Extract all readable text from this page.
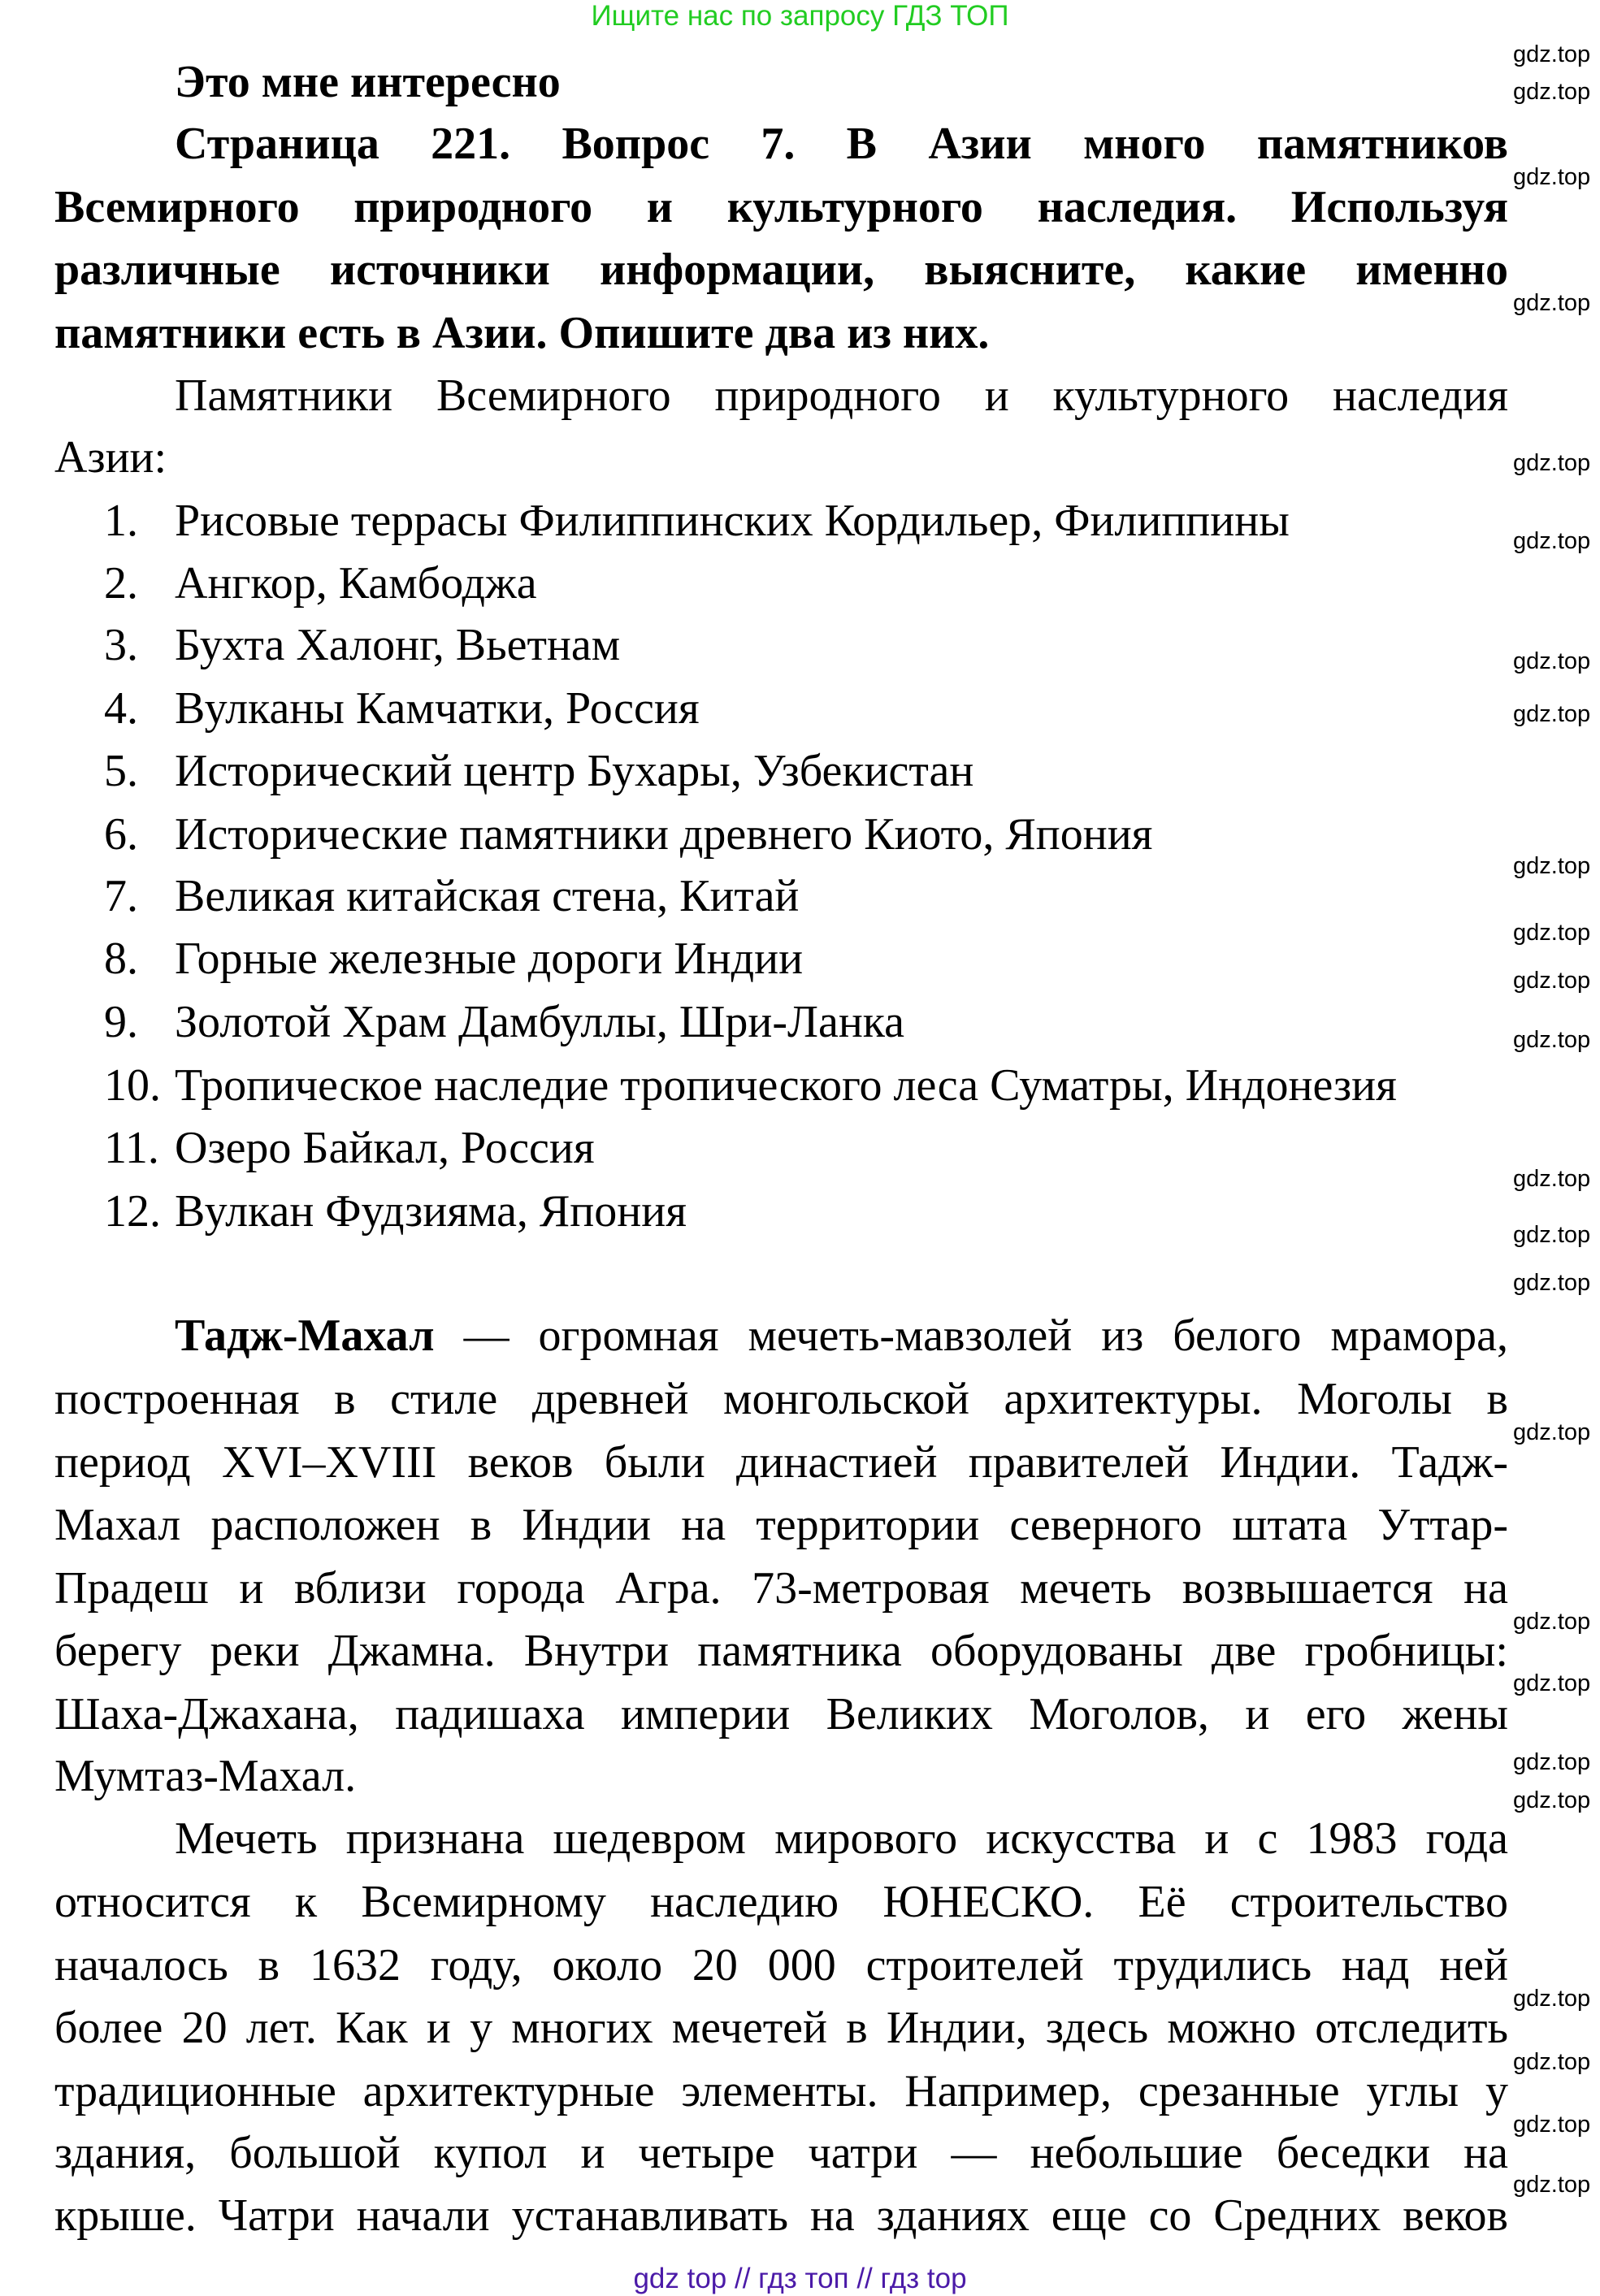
Ищите нас по запросу ГДЗ ТОП
Это мне интересно
Страница 221. Вопрос 7. В Азии много памятников
Всемирного природного и культурного наследия. Используя
различные источники информации, выясните, какие именно
памятники есть в Азии. Опишите два из них.
Памятники Всемирного природного и культурного наследия
Азии:
1. Рисовые террасы Филиппинских Кордильер, Филиппины
2. Ангкор, Камбоджа
3. Бухта Халонг, Вьетнам
4. Вулканы Камчатки, Россия
5. Исторический центр Бухары, Узбекистан
6. Исторические памятники древнего Киото, Япония
7. Великая китайская стена, Китай
8. Горные железные дороги Индии
9. Золотой Храм Дамбуллы, Шри-Ланка
10. Тропическое наследие тропического леса Суматры, Индонезия
11. Озеро Байкал, Россия
12. Вулкан Фудзияма, Япония
Тадж-Махал — огромная мечеть-мавзолей из белого мрамора,
построенная в стиле древней монгольской архитектуры. Моголы в
период XVI–XVIII веков были династией правителей Индии. Тадж-
Махал расположен в Индии на территории северного штата Уттар-
Прадеш и вблизи города Агра. 73-метровая мечеть возвышается на
берегу реки Джамна. Внутри памятника оборудованы две гробницы:
Шаха-Джахана, падишаха империи Великих Моголов, и его жены
Мумтаз-Махал.
Мечеть признана шедевром мирового искусства и с 1983 года
относится к Всемирному наследию ЮНЕСКО. Её строительство
началось в 1632 году, около 20 000 строителей трудились над ней
более 20 лет. Как и у многих мечетей в Индии, здесь можно отследить
традиционные архитектурные элементы. Например, срезанные углы у
здания, большой купол и четыре чатри — небольшие беседки на
крыше. Чатри начали устанавливать на зданиях еще со Средних веков
gdz top // гдз топ // гдз top
gdz.top
gdz.top
gdz.top
gdz.top
gdz.top
gdz.top
gdz.top
gdz.top
gdz.top
gdz.top
gdz.top
gdz.top
gdz.top
gdz.top
gdz.top
gdz.top
gdz.top
gdz.top
gdz.top
gdz.top
gdz.top
gdz.top
gdz.top
gdz.top
